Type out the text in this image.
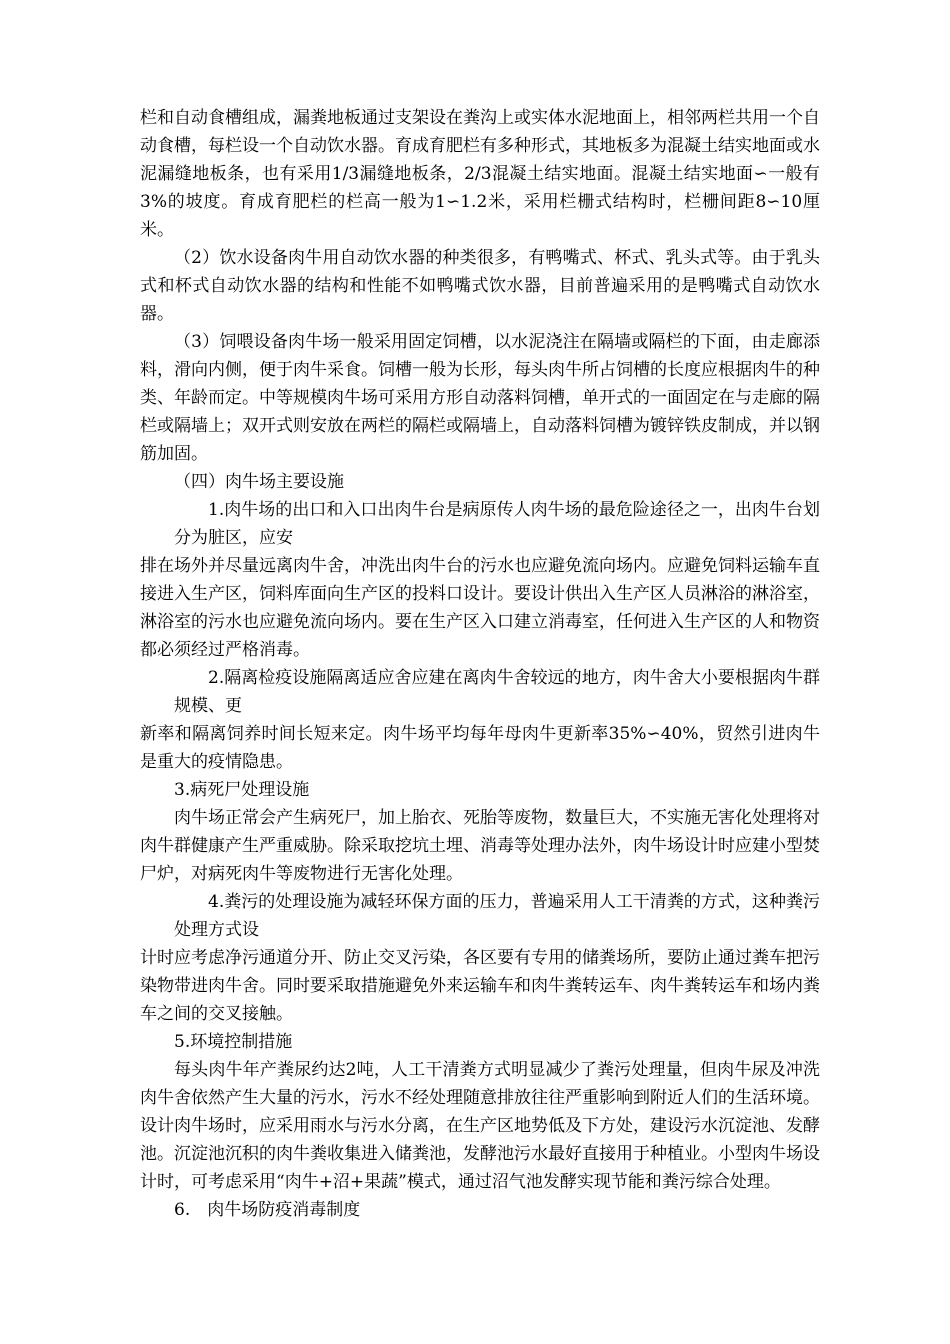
栏和自动食槽组成，漏粪地板通过支架设在粪沟上或实体水泥地面上，相邻两栏共用一个自动食槽，每栏设一个自动饮水器。育成育肥栏有多种形式，其地板多为混凝土结实地面或水泥漏缝地板条，也有采用1/3漏缝地板条，2/3混凝土结实地面。混凝土结实地面∽一般有3%的坡度。育成育肥栏的栏高一般为1∽1.2米，采用栏栅式结构时，栏栅间距8∽10厘米。

（2）饮水设备肉牛用自动饮水器的种类很多，有鸭嘴式、杯式、乳头式等。由于乳头式和杯式自动饮水器的结构和性能不如鸭嘴式饮水器，目前普遍采用的是鸭嘴式自动饮水器。

（3）饲喂设备肉牛场一般采用固定饲槽，以水泥浇注在隔墙或隔栏的下面，由走廊添料，滑向内侧，便于肉牛采食。饲槽一般为长形，每头肉牛所占饲槽的长度应根据肉牛的种类、年龄而定。中等规模肉牛场可采用方形自动落料饲槽，单开式的一面固定在与走廊的隔栏或隔墙上；双开式则安放在两栏的隔栏或隔墙上，自动落料饲槽为镀锌铁皮制成，并以钢筋加固。

（四）肉牛场主要设施

1.肉牛场的出口和入口出肉牛台是病原传人肉牛场的最危险途径之一，出肉牛台划分为脏区，应安

排在场外并尽量远离肉牛舍，冲洗出肉牛台的污水也应避免流向场内。应避免饲料运输车直接进入生产区，饲料库面向生产区的投料口设计。要设计供出入生产区人员淋浴的淋浴室，淋浴室的污水也应避免流向场内。要在生产区入口建立消毒室，任何进入生产区的人和物资都必须经过严格消毒。

2.隔离检疫设施隔离适应舍应建在离肉牛舍较远的地方，肉牛舍大小要根据肉牛群规模、更

新率和隔离饲养时间长短来定。肉牛场平均每年母肉牛更新率35%∽40%，贸然引进肉牛是重大的疫情隐患。

3.病死尸处理设施

肉牛场正常会产生病死尸，加上胎衣、死胎等废物，数量巨大，不实施无害化处理将对肉牛群健康产生严重威胁。除采取挖坑土埋、消毒等处理办法外，肉牛场设计时应建小型焚尸炉，对病死肉牛等废物进行无害化处理。

4.粪污的处理设施为减轻环保方面的压力，普遍采用人工干清粪的方式，这种粪污处理方式设

计时应考虑净污通道分开、防止交叉污染，各区要有专用的储粪场所，要防止通过粪车把污染物带进肉牛舍。同时要采取措施避免外来运输车和肉牛粪转运车、肉牛粪转运车和场内粪车之间的交叉接触。

5.环境控制措施

每头肉牛年产粪尿约达2吨，人工干清粪方式明显减少了粪污处理量，但肉牛尿及冲洗肉牛舍依然产生大量的污水，污水不经处理随意排放往往严重影响到附近人们的生活环境。设计肉牛场时，应采用雨水与污水分离，在生产区地势低及下方处，建设污水沉淀池、发酵池。沉淀池沉积的肉牛粪收集进入储粪池，发酵池污水最好直接用于种植业。小型肉牛场设计时，可考虑采用“肉牛+沼+果蔬”模式，通过沼气池发酵实现节能和粪污综合处理。

6.　肉牛场防疫消毒制度
